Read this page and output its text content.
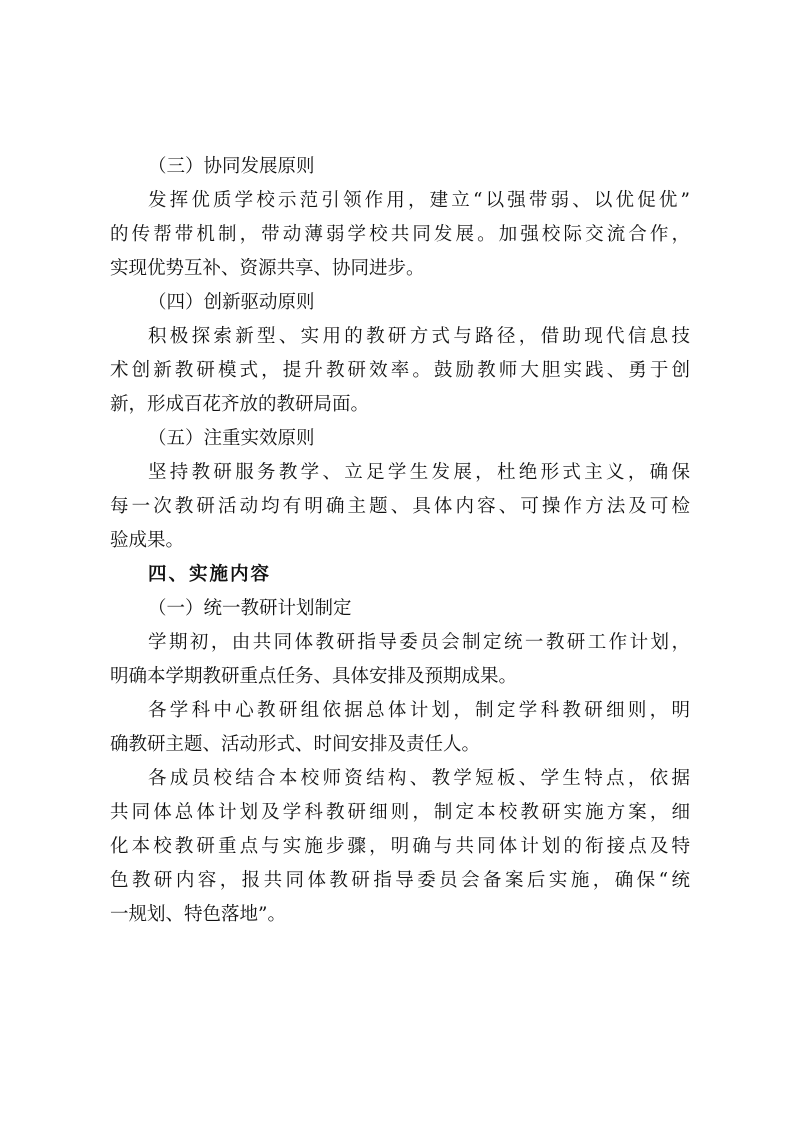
（三）协同发展原则
发挥优质学校示范引领作用，建立“以强带弱、以优促优”
的传帮带机制，带动薄弱学校共同发展。加强校际交流合作，
实现优势互补、资源共享、协同进步。
（四）创新驱动原则
积极探索新型、实用的教研方式与路径，借助现代信息技
术创新教研模式，提升教研效率。鼓励教师大胆实践、勇于创
新，形成百花齐放的教研局面。
（五）注重实效原则
坚持教研服务教学、立足学生发展，杜绝形式主义，确保
每一次教研活动均有明确主题、具体内容、可操作方法及可检
验成果。
四、实施内容
（一）统一教研计划制定
学期初，由共同体教研指导委员会制定统一教研工作计划，
明确本学期教研重点任务、具体安排及预期成果。
各学科中心教研组依据总体计划，制定学科教研细则，明
确教研主题、活动形式、时间安排及责任人。
各成员校结合本校师资结构、教学短板、学生特点，依据
共同体总体计划及学科教研细则，制定本校教研实施方案，细
化本校教研重点与实施步骤，明确与共同体计划的衔接点及特
色教研内容，报共同体教研指导委员会备案后实施，确保“统
一规划、特色落地”。
